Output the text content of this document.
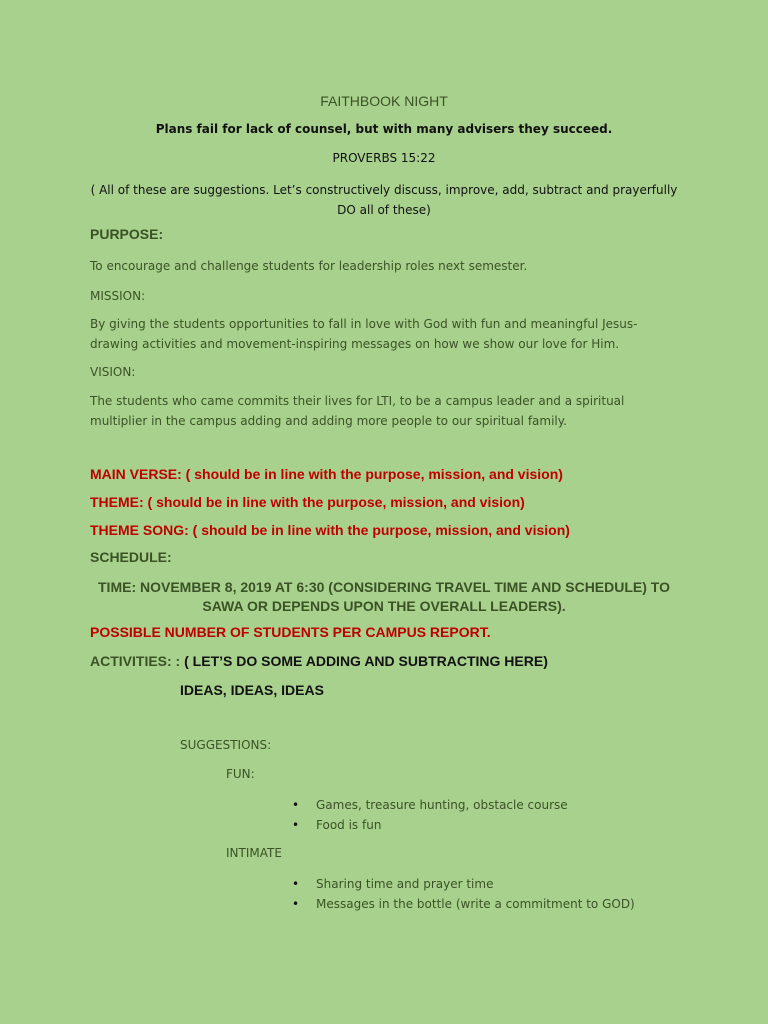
FAITHBOOK NIGHT
Plans fail for lack of counsel, but with many advisers they succeed.
PROVERBS 15:22
( All of these are suggestions. Let’s constructively discuss, improve, add, subtract and prayerfully DO all of these)
PURPOSE:
To encourage and challenge students for leadership roles next semester.
MISSION:
By giving the students opportunities to fall in love with God with fun and meaningful Jesus-drawing activities and movement-inspiring messages on how we show our love for Him.
VISION:
The students who came commits their lives for LTI, to be a campus leader and a spiritual multiplier in the campus adding and adding more people to our spiritual family.
MAIN VERSE: ( should be in line with the purpose, mission, and vision)
THEME: ( should be in line with the purpose, mission, and vision)
THEME SONG: ( should be in line with the purpose, mission, and vision)
SCHEDULE:
TIME: NOVEMBER 8, 2019 AT 6:30 (CONSIDERING TRAVEL TIME AND SCHEDULE) TO SAWA OR DEPENDS UPON THE OVERALL LEADERS).
POSSIBLE NUMBER OF STUDENTS PER CAMPUS REPORT.
ACTIVITIES: : ( LET’S DO SOME ADDING AND SUBTRACTING HERE)
IDEAS, IDEAS, IDEAS
SUGGESTIONS:
FUN:
• Games, treasure hunting, obstacle course
• Food is fun
INTIMATE
• Sharing time and prayer time
• Messages in the bottle (write a commitment to GOD)
